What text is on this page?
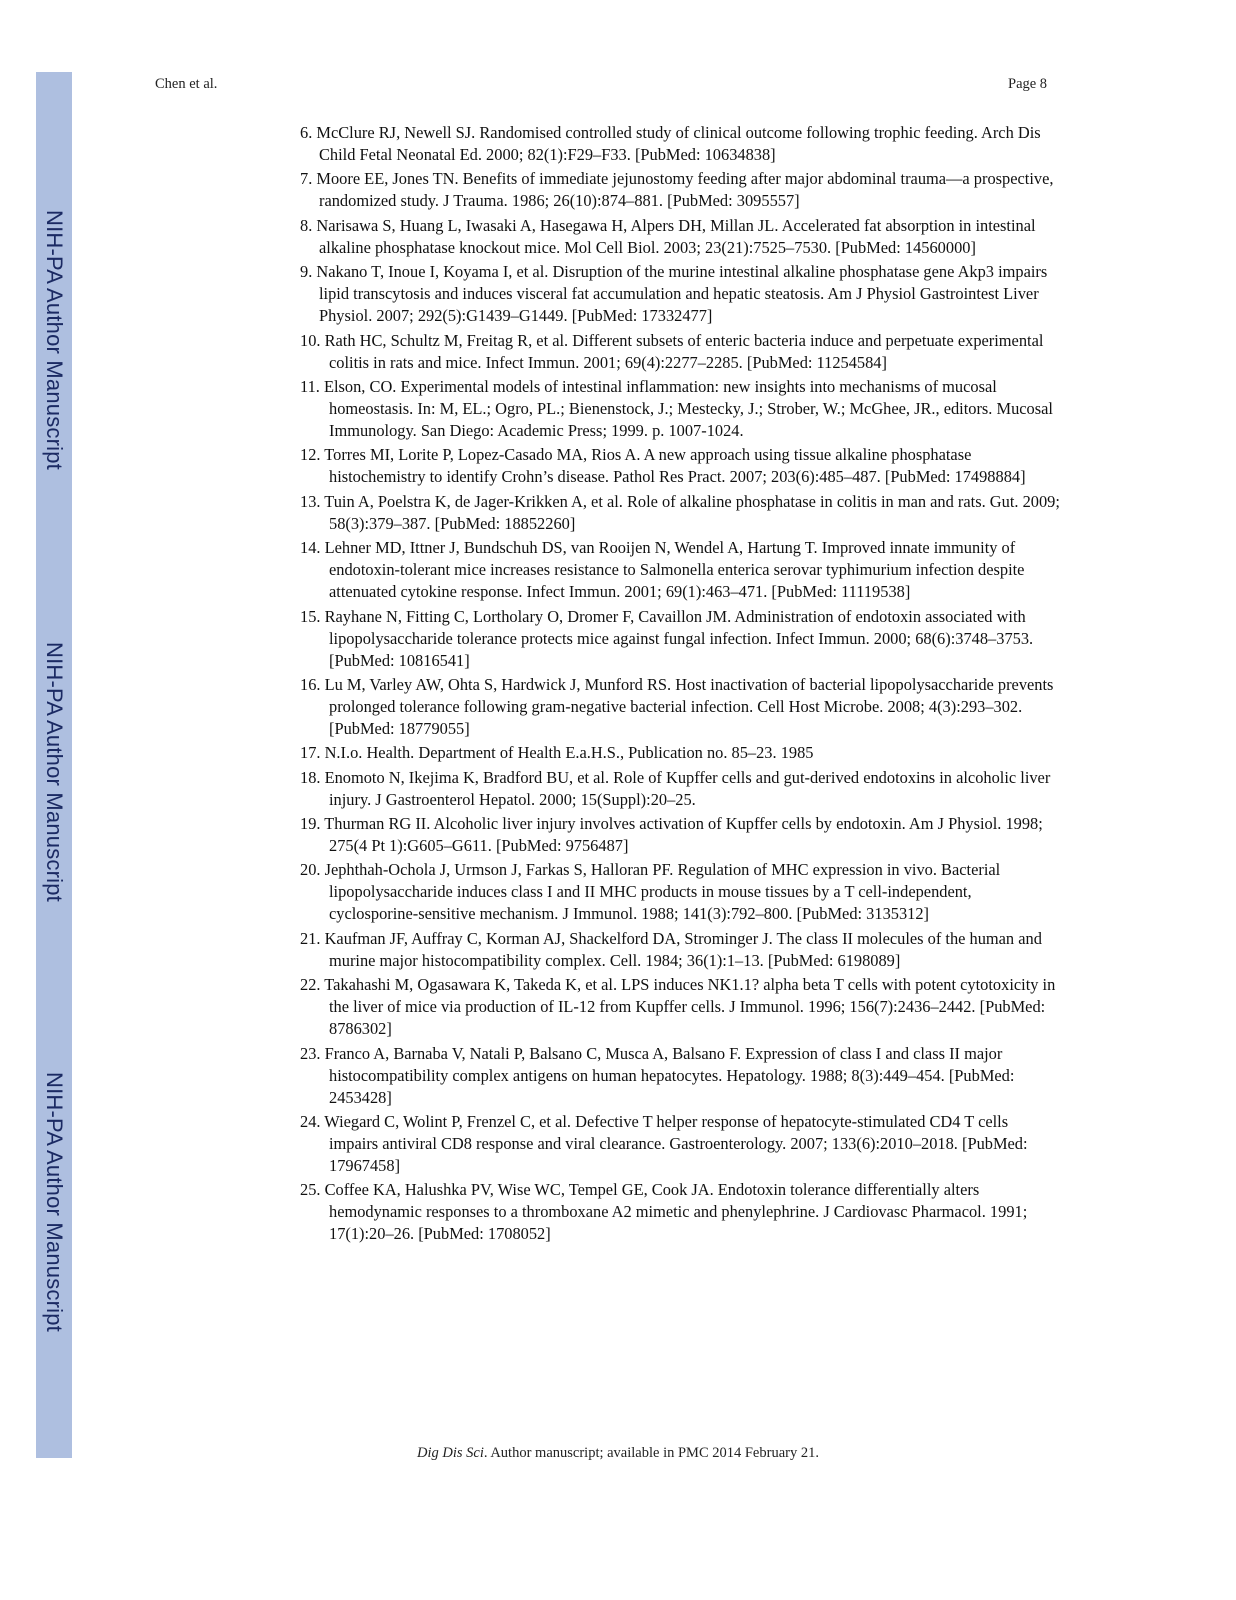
NIH-PA Author Manuscript
NIH-PA Author Manuscript
NIH-PA Author Manuscript
Chen et al.	Page 8
6. McClure RJ, Newell SJ. Randomised controlled study of clinical outcome following trophic feeding. Arch Dis Child Fetal Neonatal Ed. 2000; 82(1):F29–F33. [PubMed: 10634838]
7. Moore EE, Jones TN. Benefits of immediate jejunostomy feeding after major abdominal trauma—a prospective, randomized study. J Trauma. 1986; 26(10):874–881. [PubMed: 3095557]
8. Narisawa S, Huang L, Iwasaki A, Hasegawa H, Alpers DH, Millan JL. Accelerated fat absorption in intestinal alkaline phosphatase knockout mice. Mol Cell Biol. 2003; 23(21):7525–7530. [PubMed: 14560000]
9. Nakano T, Inoue I, Koyama I, et al. Disruption of the murine intestinal alkaline phosphatase gene Akp3 impairs lipid transcytosis and induces visceral fat accumulation and hepatic steatosis. Am J Physiol Gastrointest Liver Physiol. 2007; 292(5):G1439–G1449. [PubMed: 17332477]
10. Rath HC, Schultz M, Freitag R, et al. Different subsets of enteric bacteria induce and perpetuate experimental colitis in rats and mice. Infect Immun. 2001; 69(4):2277–2285. [PubMed: 11254584]
11. Elson, CO. Experimental models of intestinal inflammation: new insights into mechanisms of mucosal homeostasis. In: M, EL.; Ogro, PL.; Bienenstock, J.; Mestecky, J.; Strober, W.; McGhee, JR., editors. Mucosal Immunology. San Diego: Academic Press; 1999. p. 1007-1024.
12. Torres MI, Lorite P, Lopez-Casado MA, Rios A. A new approach using tissue alkaline phosphatase histochemistry to identify Crohn’s disease. Pathol Res Pract. 2007; 203(6):485–487. [PubMed: 17498884]
13. Tuin A, Poelstra K, de Jager-Krikken A, et al. Role of alkaline phosphatase in colitis in man and rats. Gut. 2009; 58(3):379–387. [PubMed: 18852260]
14. Lehner MD, Ittner J, Bundschuh DS, van Rooijen N, Wendel A, Hartung T. Improved innate immunity of endotoxin-tolerant mice increases resistance to Salmonella enterica serovar typhimurium infection despite attenuated cytokine response. Infect Immun. 2001; 69(1):463–471. [PubMed: 11119538]
15. Rayhane N, Fitting C, Lortholary O, Dromer F, Cavaillon JM. Administration of endotoxin associated with lipopolysaccharide tolerance protects mice against fungal infection. Infect Immun. 2000; 68(6):3748–3753. [PubMed: 10816541]
16. Lu M, Varley AW, Ohta S, Hardwick J, Munford RS. Host inactivation of bacterial lipopolysaccharide prevents prolonged tolerance following gram-negative bacterial infection. Cell Host Microbe. 2008; 4(3):293–302. [PubMed: 18779055]
17. N.I.o. Health. Department of Health E.a.H.S., Publication no. 85–23. 1985
18. Enomoto N, Ikejima K, Bradford BU, et al. Role of Kupffer cells and gut-derived endotoxins in alcoholic liver injury. J Gastroenterol Hepatol. 2000; 15(Suppl):20–25.
19. Thurman RG II. Alcoholic liver injury involves activation of Kupffer cells by endotoxin. Am J Physiol. 1998; 275(4 Pt 1):G605–G611. [PubMed: 9756487]
20. Jephthah-Ochola J, Urmson J, Farkas S, Halloran PF. Regulation of MHC expression in vivo. Bacterial lipopolysaccharide induces class I and II MHC products in mouse tissues by a T cell-independent, cyclosporine-sensitive mechanism. J Immunol. 1988; 141(3):792–800. [PubMed: 3135312]
21. Kaufman JF, Auffray C, Korman AJ, Shackelford DA, Strominger J. The class II molecules of the human and murine major histocompatibility complex. Cell. 1984; 36(1):1–13. [PubMed: 6198089]
22. Takahashi M, Ogasawara K, Takeda K, et al. LPS induces NK1.1? alpha beta T cells with potent cytotoxicity in the liver of mice via production of IL-12 from Kupffer cells. J Immunol. 1996; 156(7):2436–2442. [PubMed: 8786302]
23. Franco A, Barnaba V, Natali P, Balsano C, Musca A, Balsano F. Expression of class I and class II major histocompatibility complex antigens on human hepatocytes. Hepatology. 1988; 8(3):449–454. [PubMed: 2453428]
24. Wiegard C, Wolint P, Frenzel C, et al. Defective T helper response of hepatocyte-stimulated CD4 T cells impairs antiviral CD8 response and viral clearance. Gastroenterology. 2007; 133(6):2010–2018. [PubMed: 17967458]
25. Coffee KA, Halushka PV, Wise WC, Tempel GE, Cook JA. Endotoxin tolerance differentially alters hemodynamic responses to a thromboxane A2 mimetic and phenylephrine. J Cardiovasc Pharmacol. 1991; 17(1):20–26. [PubMed: 1708052]
Dig Dis Sci. Author manuscript; available in PMC 2014 February 21.
